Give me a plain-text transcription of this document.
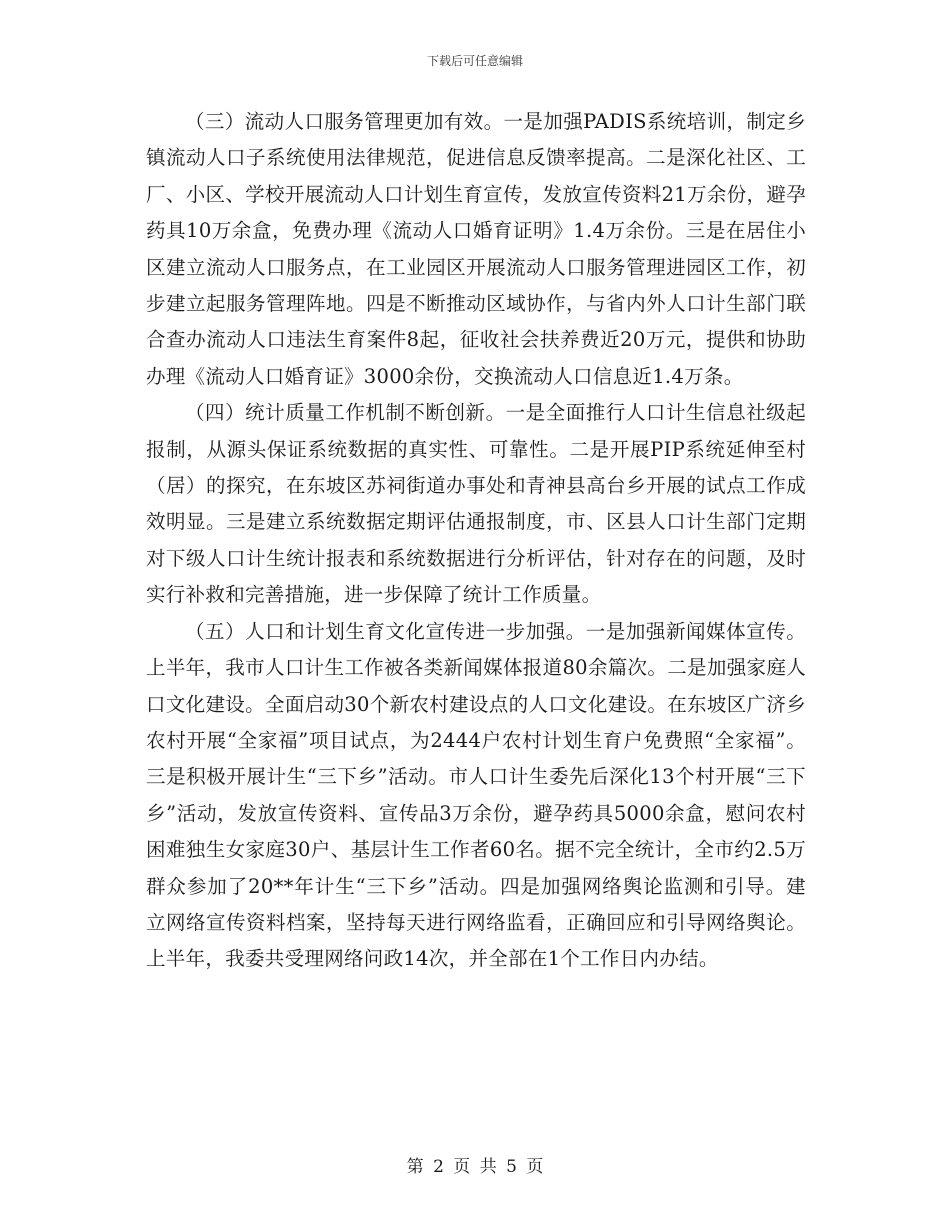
下载后可任意编辑

（三）流动人口服务管理更加有效。一是加强PADIS系统培训，制定乡镇流动人口子系统使用法律规范，促进信息反馈率提高。二是深化社区、工厂、小区、学校开展流动人口计划生育宣传，发放宣传资料21万余份，避孕药具10万余盒，免费办理《流动人口婚育证明》1.4万余份。三是在居住小区建立流动人口服务点，在工业园区开展流动人口服务管理进园区工作，初步建立起服务管理阵地。四是不断推动区域协作，与省内外人口计生部门联合查办流动人口违法生育案件8起，征收社会扶养费近20万元，提供和协助办理《流动人口婚育证》3000余份，交换流动人口信息近1.4万条。

（四）统计质量工作机制不断创新。一是全面推行人口计生信息社级起报制，从源头保证系统数据的真实性、可靠性。二是开展PIP系统延伸至村（居）的探究，在东坡区苏祠街道办事处和青神县高台乡开展的试点工作成效明显。三是建立系统数据定期评估通报制度，市、区县人口计生部门定期对下级人口计生统计报表和系统数据进行分析评估，针对存在的问题，及时实行补救和完善措施，进一步保障了统计工作质量。

（五）人口和计划生育文化宣传进一步加强。一是加强新闻媒体宣传。上半年，我市人口计生工作被各类新闻媒体报道80余篇次。二是加强家庭人口文化建设。全面启动30个新农村建设点的人口文化建设。在东坡区广济乡农村开展“全家福”项目试点，为2444户农村计划生育户免费照“全家福”。三是积极开展计生“三下乡”活动。市人口计生委先后深化13个村开展“三下乡”活动，发放宣传资料、宣传品3万余份，避孕药具5000余盒，慰问农村困难独生女家庭30户、基层计生工作者60名。据不完全统计，全市约2.5万群众参加了20**年计生“三下乡”活动。四是加强网络舆论监测和引导。建立网络宣传资料档案，坚持每天进行网络监看，正确回应和引导网络舆论。上半年，我委共受理网络问政14次，并全部在1个工作日内办结。

第 2 页 共 5 页
